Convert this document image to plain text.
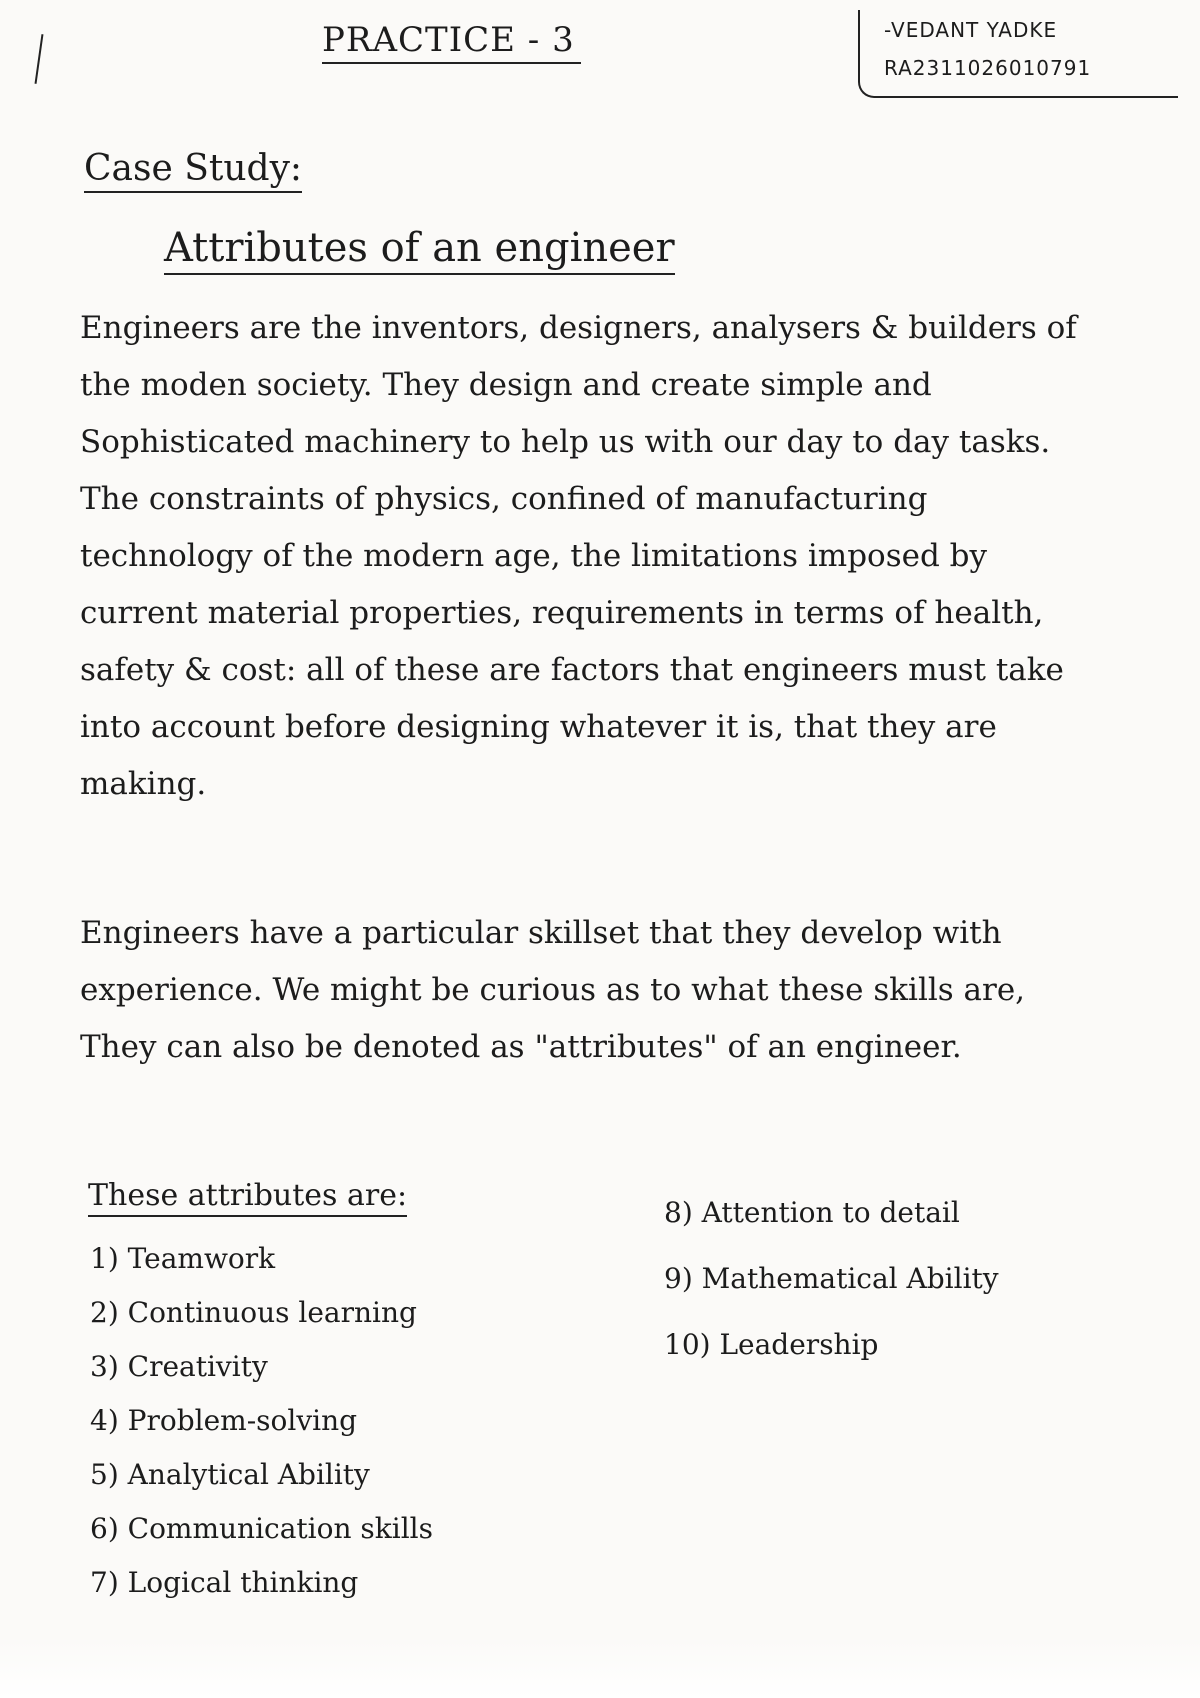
PRACTICE - 3	-VEDANT YADKE
RA2311026010791
Case Study:
Attributes of an engineer

Engineers are the inventors, designers, analysers & builders of the moden society. They design and create simple and Sophisticated machinery to help us with our day to day tasks. The constraints of physics, confined of manufacturing technology of the modern age, the limitations imposed by current material properties, requirements in terms of health, safety & cost: all of these are factors that engineers must take into account before designing whatever it is, that they are making.

Engineers have a particular skillset that they develop with experience. We might be curious as to what these skills are, They can also be denoted as "attributes" of an engineer.

These attributes are:
1) Teamwork
2) Continuous learning
3) Creativity
4) Problem-solving
5) Analytical Ability
6) Communication skills
7) Logical thinking
8) Attention to detail
9) Mathematical Ability
10) Leadership
